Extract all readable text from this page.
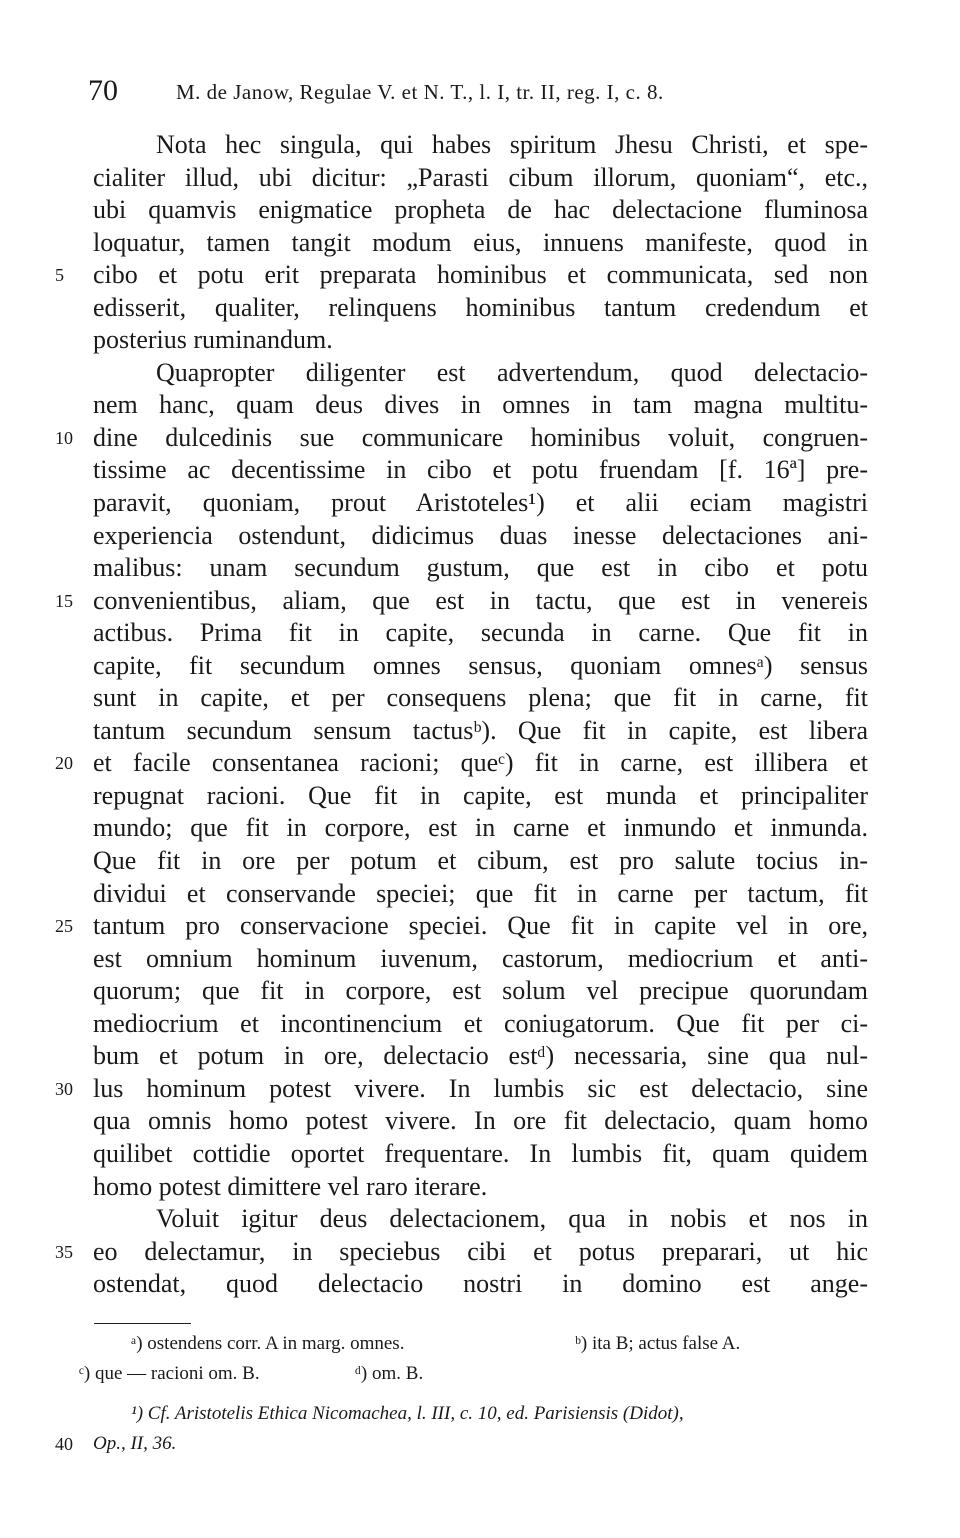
70	M. de Janow, Regulae V. et N. T., l. I, tr. II, reg. I, c. 8.
Nota hec singula, qui habes spiritum Jhesu Christi, et spe-
cialiter illud, ubi dicitur: „Parasti cibum illorum, quoniam“, etc.,
ubi quamvis enigmatice propheta de hac delectacione fluminosa
loquatur, tamen tangit modum eius, innuens manifeste, quod in
5	cibo et potu erit preparata hominibus et communicata, sed non
edisserit, qualiter, relinquens hominibus tantum credendum et
posterius ruminandum.
Quapropter diligenter est advertendum, quod delectacio-
nem hanc, quam deus dives in omnes in tam magna multitu-
10 dine dulcedinis sue communicare hominibus voluit, congruen-
tissime ac decentissime in cibo et potu fruendam [f. 16ª] pre-
paravit, quoniam, prout Aristoteles¹) et alii eciam magistri
experiencia ostendunt, didicimus duas inesse delectaciones ani-
malibus: unam secundum gustum, que est in cibo et potu
15 convenientibus, aliam, que est in tactu, que est in venereis
actibus. Prima fit in capite, secunda in carne. Que fit in
capite, fit secundum omnes sensus, quoniam omnesᵃ) sensus
sunt in capite, et per consequens plena; que fit in carne, fit
tantum secundum sensum tactusᵇ). Que fit in capite, est libera
20 et facile consentanea racioni; queᶜ) fit in carne, est illibera et
repugnat racioni. Que fit in capite, est munda et principaliter
mundo; que fit in corpore, est in carne et inmundo et inmunda.
Que fit in ore per potum et cibum, est pro salute tocius in-
dividui et conservande speciei; que fit in carne per tactum, fit
25 tantum pro conservacione speciei. Que fit in capite vel in ore,
est omnium hominum iuvenum, castorum, mediocrium et anti-
quorum; que fit in corpore, est solum vel precipue quorundam
mediocrium et incontinencium et coniugatorum. Que fit per ci-
bum et potum in ore, delectacio estᵈ) necessaria, sine qua nul-
30 lus hominum potest vivere. In lumbis sic est delectacio, sine
qua omnis homo potest vivere. In ore fit delectacio, quam homo
quilibet cottidie oportet frequentare. In lumbis fit, quam quidem
homo potest dimittere vel raro iterare.
Voluit igitur deus delectacionem, qua in nobis et nos in
35 eo delectamur, in speciebus cibi et potus preparari, ut hic
ostendat, quod delectacio nostri in domino est ange-
ᵃ) ostendens corr. A in marg. omnes.	ᵇ) ita B; actus false A.
ᶜ) que — racioni om. B.	ᵈ) om. B.
¹) Cf. Aristotelis Ethica Nicomachea, l. III, c. 10, ed. Parisiensis (Didot),
40 Op., II, 36.
